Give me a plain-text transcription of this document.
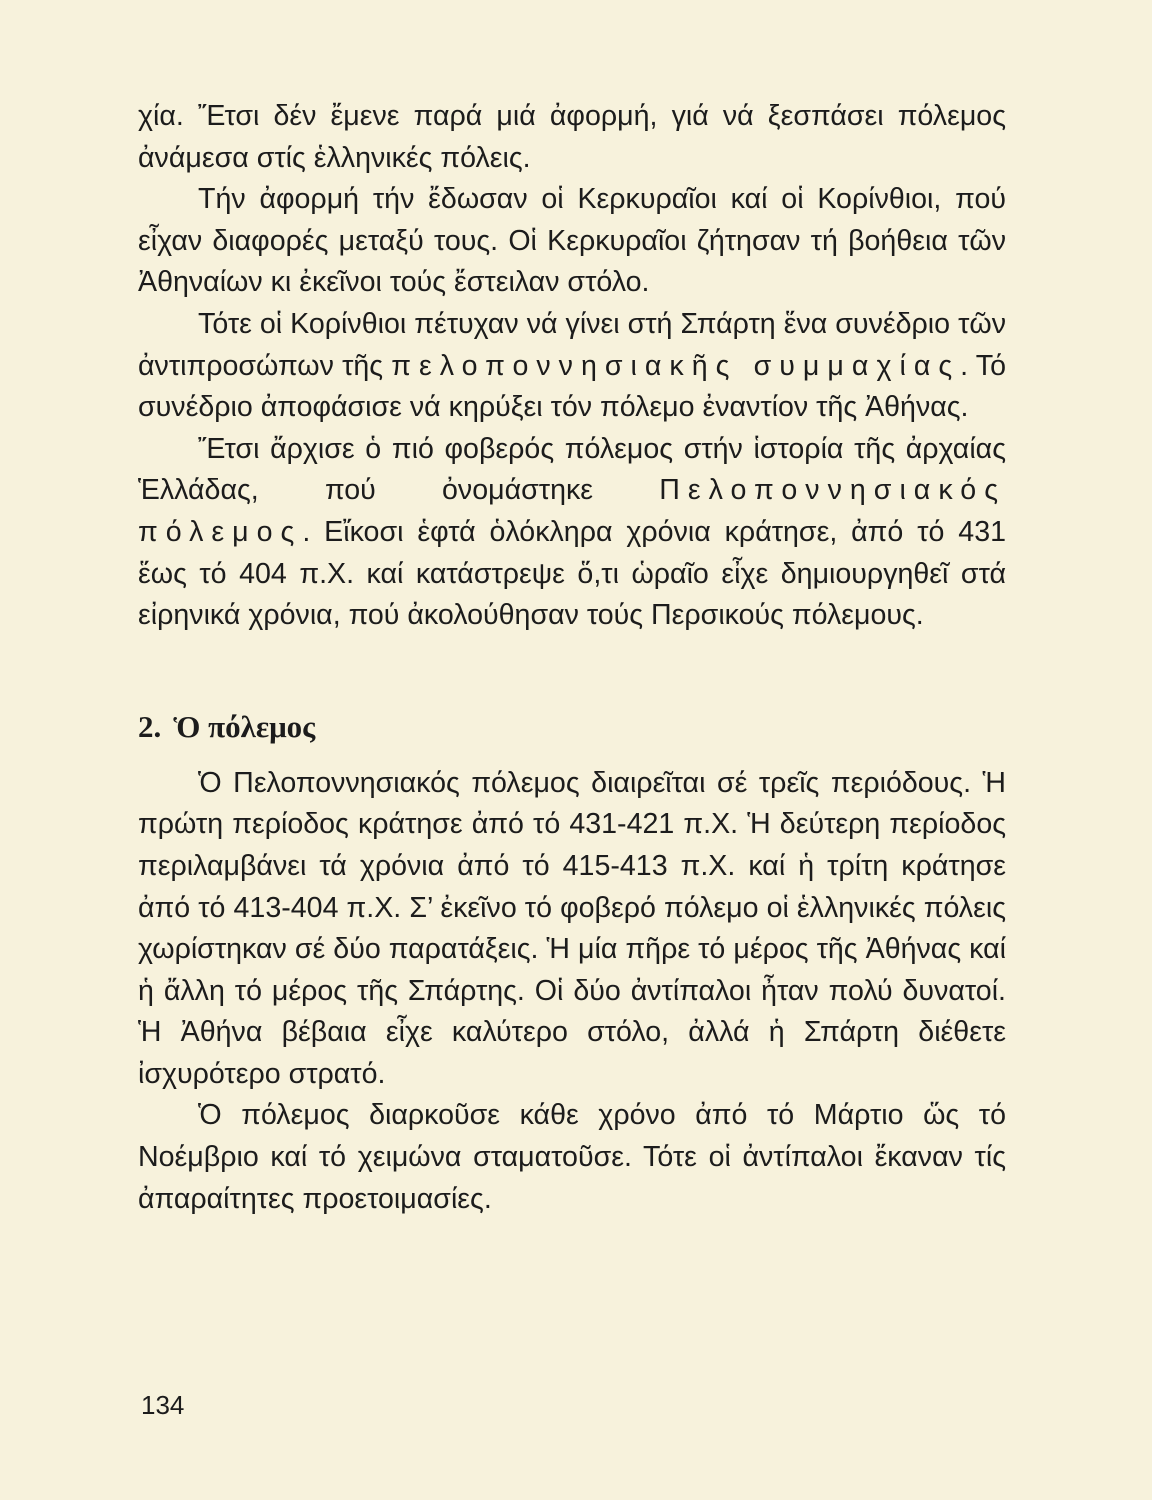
χία. Ἔτσι δέν ἔμενε παρά μιά ἀφορμή, γιά νά ξεσπάσει πόλεμος ἀνάμεσα στίς ἑλληνικές πόλεις.

Τήν ἀφορμή τήν ἔδωσαν οἱ Κερκυραῖοι καί οἱ Κορίνθιοι, πού εἶχαν διαφορές μεταξύ τους. Οἱ Κερκυραῖοι ζήτησαν τή βοήθεια τῶν Ἀθηναίων κι ἐκεῖνοι τούς ἔστειλαν στόλο.

Τότε οἱ Κορίνθιοι πέτυχαν νά γίνει στή Σπάρτη ἕνα συνέδριο τῶν ἀντιπροσώπων τῆς πελοποννησιακῆς συμμαχίας. Τό συνέδριο ἀποφάσισε νά κηρύξει τόν πόλεμο ἐναντίον τῆς Ἀθήνας.

Ἔτσι ἄρχισε ὁ πιό φοβερός πόλεμος στήν ἱστορία τῆς ἀρχαίας Ἑλλάδας, πού ὀνομάστηκε Πελοποννησιακός πόλεμος. Εἴκοσι ἑφτά ὁλόκληρα χρόνια κράτησε, ἀπό τό 431 ἕως τό 404 π.Χ. καί κατάστρεψε ὅ,τι ὡραῖο εἶχε δημιουργηθεῖ στά εἰρηνικά χρόνια, πού ἀκολούθησαν τούς Περσικούς πόλεμους.

2. Ὁ πόλεμος

Ὁ Πελοποννησιακός πόλεμος διαιρεῖται σέ τρεῖς περιόδους. Ἡ πρώτη περίοδος κράτησε ἀπό τό 431-421 π.Χ. Ἡ δεύτερη περίοδος περιλαμβάνει τά χρόνια ἀπό τό 415-413 π.Χ. καί ἡ τρίτη κράτησε ἀπό τό 413-404 π.Χ. Σ’ ἐκεῖνο τό φοβερό πόλεμο οἱ ἑλληνικές πόλεις χωρίστηκαν σέ δύο παρατάξεις. Ἡ μία πῆρε τό μέρος τῆς Ἀθήνας καί ἡ ἄλλη τό μέρος τῆς Σπάρτης. Οἱ δύο ἀντίπαλοι ἦταν πολύ δυνατοί. Ἡ Ἀθήνα βέβαια εἶχε καλύτερο στόλο, ἀλλά ἡ Σπάρτη διέθετε ἰσχυρότερο στρατό.

Ὁ πόλεμος διαρκοῦσε κάθε χρόνο ἀπό τό Μάρτιο ὥς τό Νοέμβριο καί τό χειμώνα σταματοῦσε. Τότε οἱ ἀντίπαλοι ἔκαναν τίς ἀπαραίτητες προετοιμασίες.

134
